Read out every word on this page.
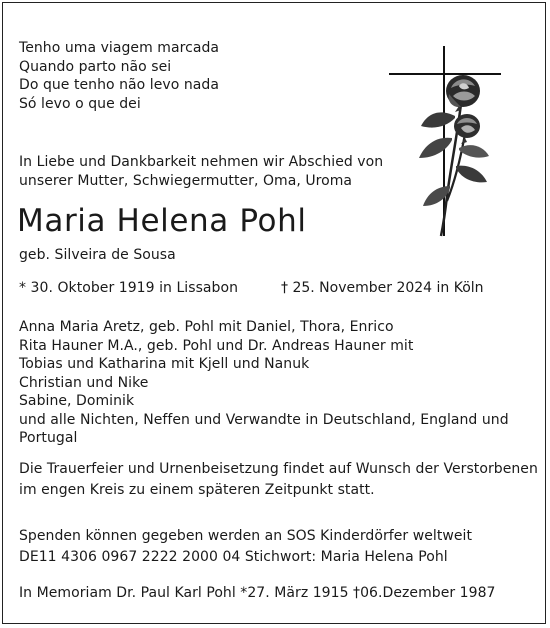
Tenho uma viagem marcada
Quando parto não sei
Do que tenho não levo nada
Só levo o que dei
In Liebe und Dankbarkeit nehmen wir Abschied von
unserer Mutter, Schwiegermutter, Oma, Uroma
Maria Helena Pohl
geb. Silveira de Sousa
* 30. Oktober 1919 in Lissabon	† 25. November 2024 in Köln
Anna Maria Aretz, geb. Pohl mit Daniel, Thora, Enrico
Rita Hauner M.A., geb. Pohl und Dr. Andreas Hauner mit
Tobias und Katharina mit Kjell und Nanuk
Christian und Nike
Sabine, Dominik
und alle Nichten, Neffen und Verwandte in Deutschland, England und
Portugal
Die Trauerfeier und Urnenbeisetzung findet auf Wunsch der Verstorbenen
im engen Kreis zu einem späteren Zeitpunkt statt.
Spenden können gegeben werden an SOS Kinderdörfer weltweit
DE11 4306 0967 2222 2000 04 Stichwort: Maria Helena Pohl
In Memoriam Dr. Paul Karl Pohl *27. März 1915 †06.Dezember 1987
